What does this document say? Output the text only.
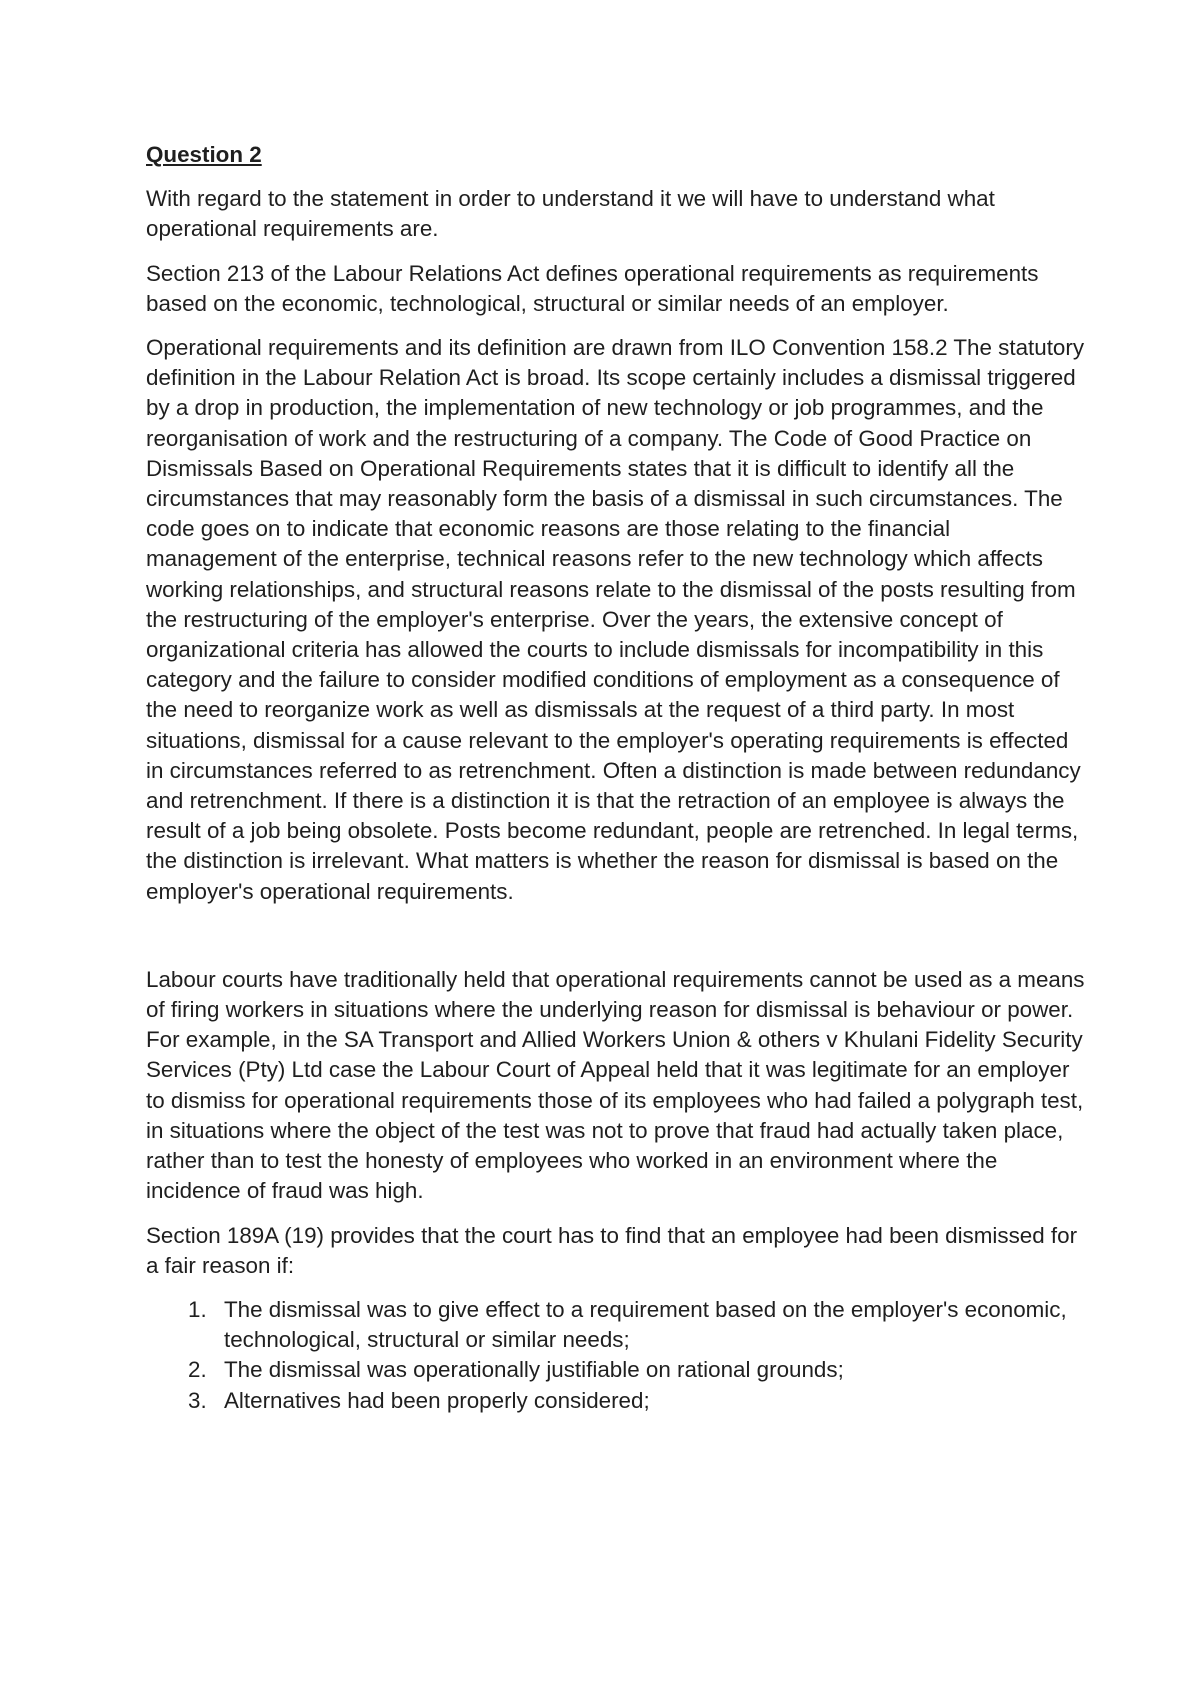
Question 2

With regard to the statement in order to understand it we will have to understand what operational requirements are.

Section 213 of the Labour Relations Act defines operational requirements as requirements based on the economic, technological, structural or similar needs of an employer.

Operational requirements and its definition are drawn from ILO Convention 158.2 The statutory definition in the Labour Relation Act is broad. Its scope certainly includes a dismissal triggered by a drop in production, the implementation of new technology or job programmes, and the reorganisation of work and the restructuring of a company. The Code of Good Practice on Dismissals Based on Operational Requirements states that it is difficult to identify all the circumstances that may reasonably form the basis of a dismissal in such circumstances. The code goes on to indicate that economic reasons are those relating to the financial management of the enterprise, technical reasons refer to the new technology which affects working relationships, and structural reasons relate to the dismissal of the posts resulting from the restructuring of the employer's enterprise. Over the years, the extensive concept of organizational criteria has allowed the courts to include dismissals for incompatibility in this category and the failure to consider modified conditions of employment as a consequence of the need to reorganize work as well as dismissals at the request of a third party. In most situations, dismissal for a cause relevant to the employer's operating requirements is effected in circumstances referred to as retrenchment. Often a distinction is made between redundancy and retrenchment. If there is a distinction it is that the retraction of an employee is always the result of a job being obsolete. Posts become redundant, people are retrenched. In legal terms, the distinction is irrelevant. What matters is whether the reason for dismissal is based on the employer's operational requirements.

Labour courts have traditionally held that operational requirements cannot be used as a means of firing workers in situations where the underlying reason for dismissal is behaviour or power. For example, in the SA Transport and Allied Workers Union & others v Khulani Fidelity Security Services (Pty) Ltd case the Labour Court of Appeal held that it was legitimate for an employer to dismiss for operational requirements those of its employees who had failed a polygraph test, in situations where the object of the test was not to prove that fraud had actually taken place, rather than to test the honesty of employees who worked in an environment where the incidence of fraud was high.

Section 189A (19) provides that the court has to find that an employee had been dismissed for a fair reason if:

1. The dismissal was to give effect to a requirement based on the employer's economic, technological, structural or similar needs;
2. The dismissal was operationally justifiable on rational grounds;
3. Alternatives had been properly considered;
